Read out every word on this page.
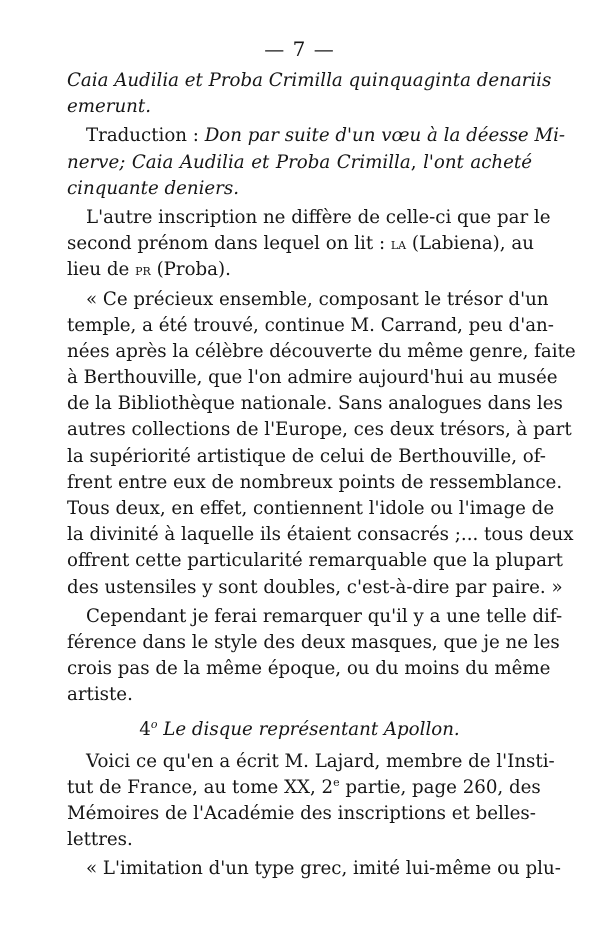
— 7 —
Caia Audilia et Proba Crimilla quinquaginta denariis
emerunt.
Traduction : Don par suite d'un vœu à la déesse Mi-
nerve; Caia Audilia et Proba Crimilla, l'ont acheté
cinquante deniers.
L'autre inscription ne diffère de celle-ci que par le
second prénom dans lequel on lit : la (Labiena), au
lieu de pr (Proba).
« Ce précieux ensemble, composant le trésor d'un
temple, a été trouvé, continue M. Carrand, peu d'an-
nées après la célèbre découverte du même genre, faite
à Berthouville, que l'on admire aujourd'hui au musée
de la Bibliothèque nationale. Sans analogues dans les
autres collections de l'Europe, ces deux trésors, à part
la supériorité artistique de celui de Berthouville, of-
frent entre eux de nombreux points de ressemblance.
Tous deux, en effet, contiennent l'idole ou l'image de
la divinité à laquelle ils étaient consacrés ;... tous deux
offrent cette particularité remarquable que la plupart
des ustensiles y sont doubles, c'est-à-dire par paire. »
Cependant je ferai remarquer qu'il y a une telle dif-
férence dans le style des deux masques, que je ne les
crois pas de la même époque, ou du moins du même
artiste.
4$^o$ Le disque représentant Apollon.
Voici ce qu'en a écrit M. Lajard, membre de l'Insti-
tut de France, au tome XX, 2e partie, page 260, des
Mémoires de l'Académie des inscriptions et belles-
lettres.
« L'imitation d'un type grec, imité lui-même ou plu-
